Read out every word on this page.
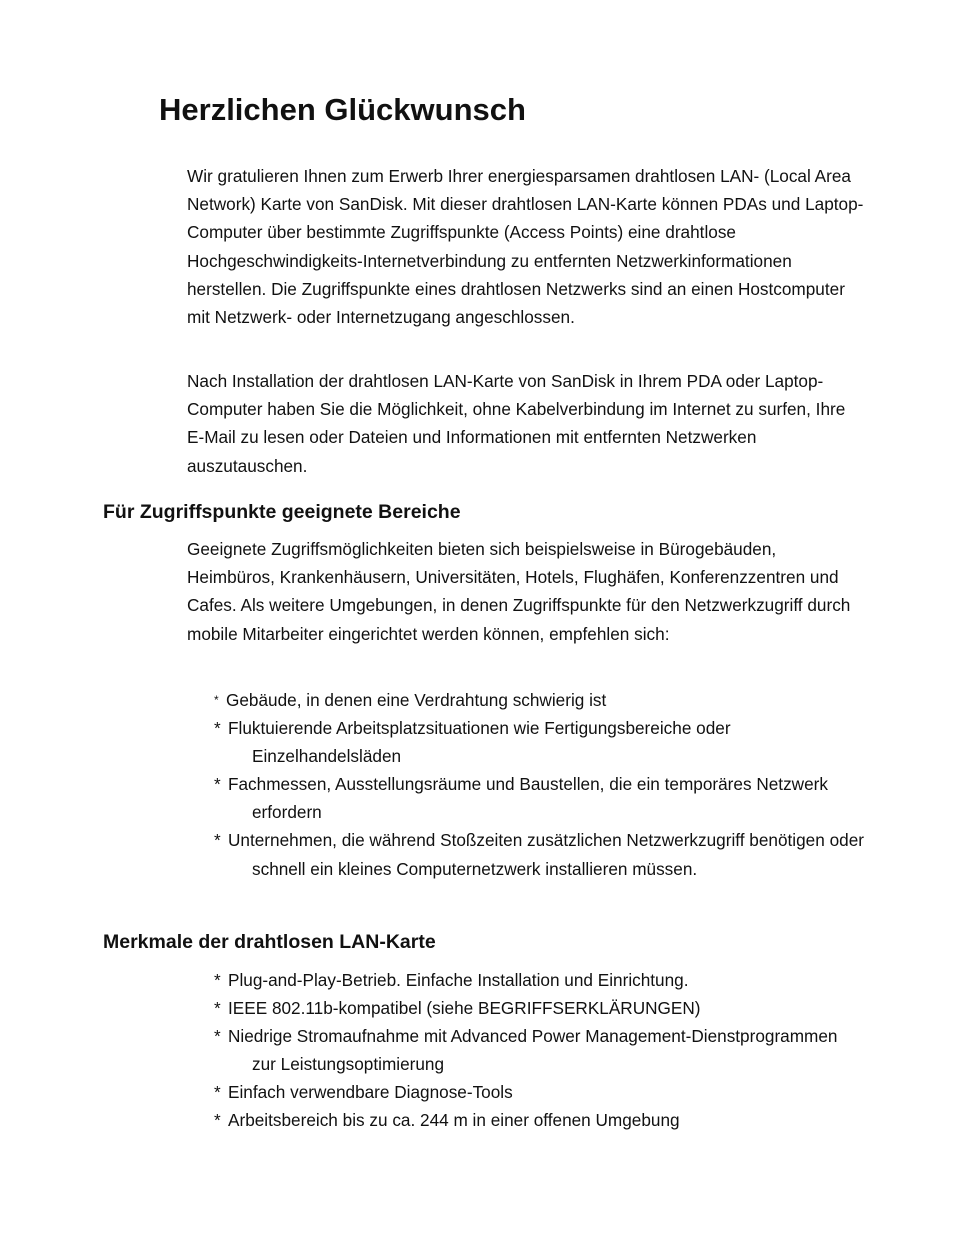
Herzlichen Glückwunsch

Wir gratulieren Ihnen zum Erwerb Ihrer energiesparsamen drahtlosen LAN- (Local Area Network) Karte von SanDisk. Mit dieser drahtlosen LAN-Karte können PDAs und Laptop-Computer über bestimmte Zugriffspunkte (Access Points) eine drahtlose Hochgeschwindigkeits-Internetverbindung zu entfernten Netzwerkinformationen herstellen. Die Zugriffspunkte eines drahtlosen Netzwerks sind an einen Hostcomputer mit Netzwerk- oder Internetzugang angeschlossen.

Nach Installation der drahtlosen LAN-Karte von SanDisk in Ihrem PDA oder Laptop-Computer haben Sie die Möglichkeit, ohne Kabelverbindung im Internet zu surfen, Ihre E-Mail zu lesen oder Dateien und Informationen mit entfernten Netzwerken auszutauschen.

Für Zugriffspunkte geeignete Bereiche

Geeignete Zugriffsmöglichkeiten bieten sich beispielsweise in Bürogebäuden, Heimbüros, Krankenhäusern, Universitäten, Hotels, Flughäfen, Konferenzzentren und Cafes. Als weitere Umgebungen, in denen Zugriffspunkte für den Netzwerkzugriff durch mobile Mitarbeiter eingerichtet werden können, empfehlen sich:

* Gebäude, in denen eine Verdrahtung schwierig ist
* Fluktuierende Arbeitsplatzsituationen wie Fertigungsbereiche oder Einzelhandelsläden
* Fachmessen, Ausstellungsräume und Baustellen, die ein temporäres Netzwerk erfordern
* Unternehmen, die während Stoßzeiten zusätzlichen Netzwerkzugriff benötigen oder schnell ein kleines Computernetzwerk installieren müssen.
Merkmale der drahtlosen LAN-Karte
* Plug-and-Play-Betrieb. Einfache Installation und Einrichtung.
* IEEE 802.11b-kompatibel (siehe BEGRIFFSERKLÄRUNGEN)
* Niedrige Stromaufnahme mit Advanced Power Management-Dienstprogrammen zur Leistungsoptimierung
* Einfach verwendbare Diagnose-Tools
* Arbeitsbereich bis zu ca. 244 m in einer offenen Umgebung
